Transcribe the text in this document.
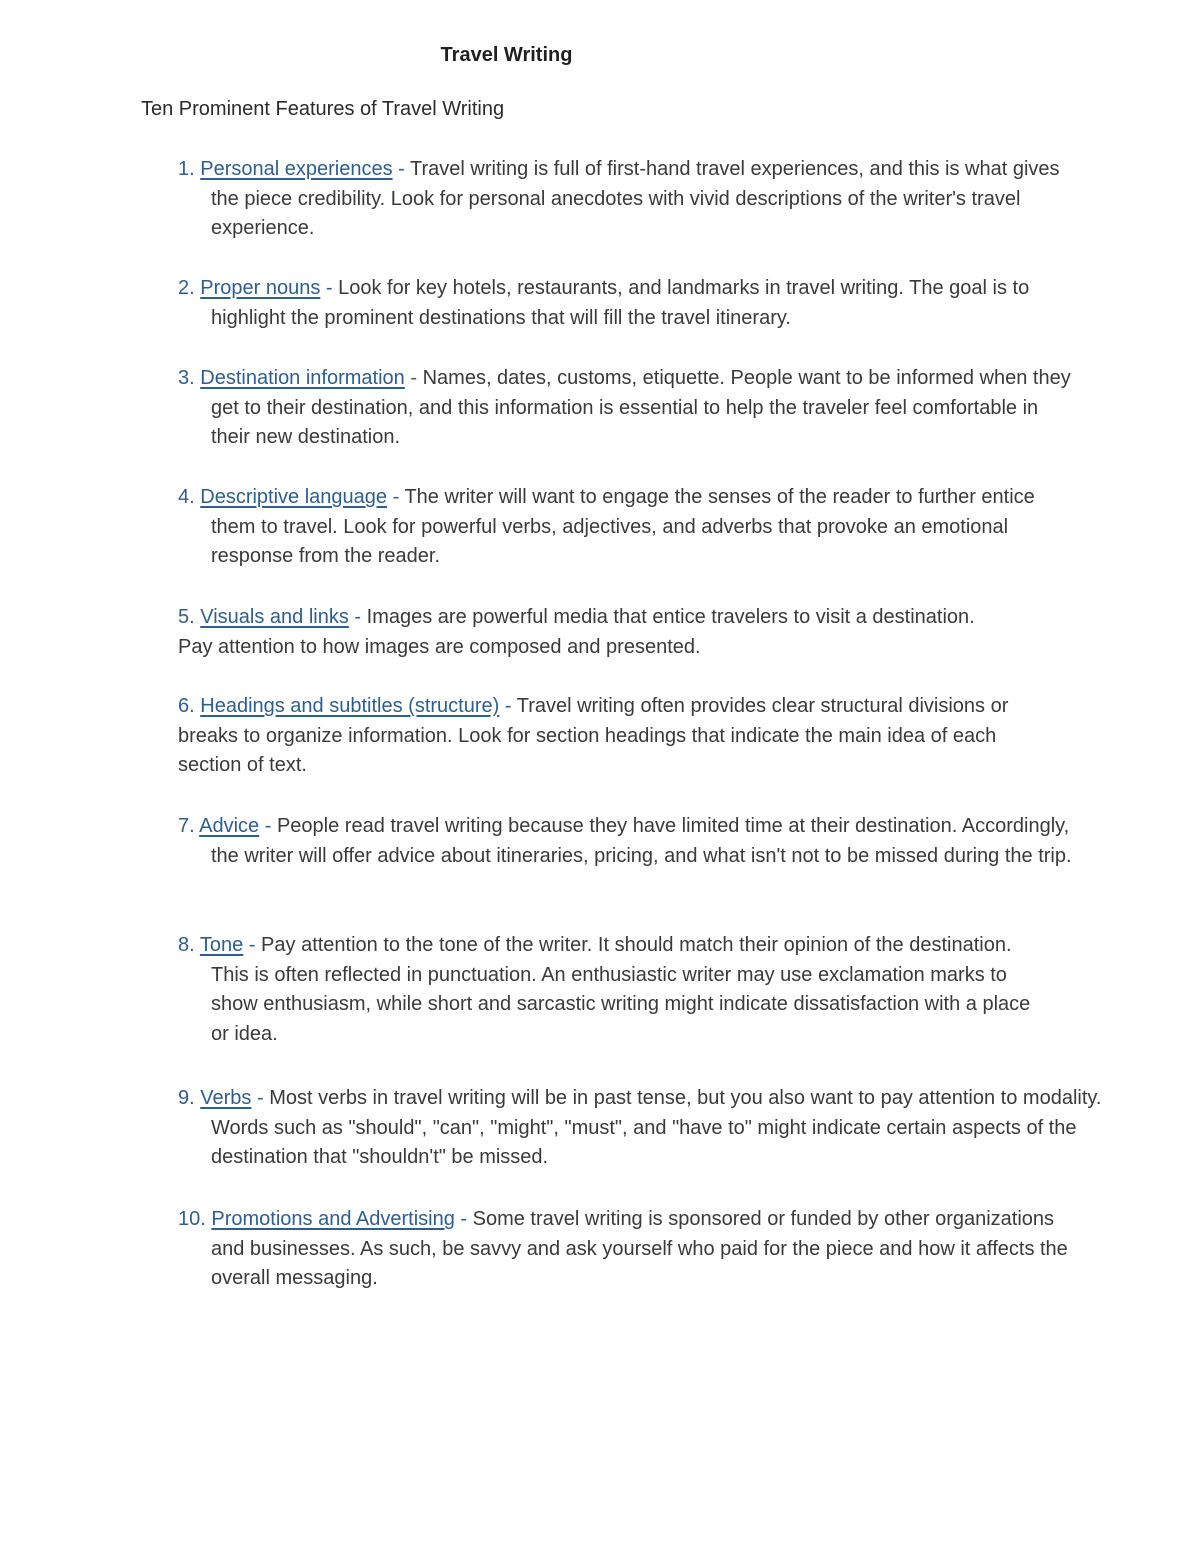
Travel Writing
Ten Prominent Features of Travel Writing
1. Personal experiences - Travel writing is full of first-hand travel experiences, and this is what gives the piece credibility. Look for personal anecdotes with vivid descriptions of the writer's travel experience.
2. Proper nouns - Look for key hotels, restaurants, and landmarks in travel writing. The goal is to highlight the prominent destinations that will fill the travel itinerary.
3. Destination information - Names, dates, customs, etiquette. People want to be informed when they get to their destination, and this information is essential to help the traveler feel comfortable in their new destination.
4. Descriptive language - The writer will want to engage the senses of the reader to further entice them to travel. Look for powerful verbs, adjectives, and adverbs that provoke an emotional response from the reader.
5. Visuals and links - Images are powerful media that entice travelers to visit a destination. Pay attention to how images are composed and presented.
6. Headings and subtitles (structure) - Travel writing often provides clear structural divisions or breaks to organize information. Look for section headings that indicate the main idea of each section of text.
7. Advice - People read travel writing because they have limited time at their destination. Accordingly, the writer will offer advice about itineraries, pricing, and what isn't not to be missed during the trip.
8. Tone - Pay attention to the tone of the writer. It should match their opinion of the destination. This is often reflected in punctuation. An enthusiastic writer may use exclamation marks to show enthusiasm, while short and sarcastic writing might indicate dissatisfaction with a place or idea.
9. Verbs - Most verbs in travel writing will be in past tense, but you also want to pay attention to modality. Words such as "should", "can", "might", "must", and "have to" might indicate certain aspects of the destination that "shouldn't" be missed.
10. Promotions and Advertising - Some travel writing is sponsored or funded by other organizations and businesses. As such, be savvy and ask yourself who paid for the piece and how it affects the overall messaging.
